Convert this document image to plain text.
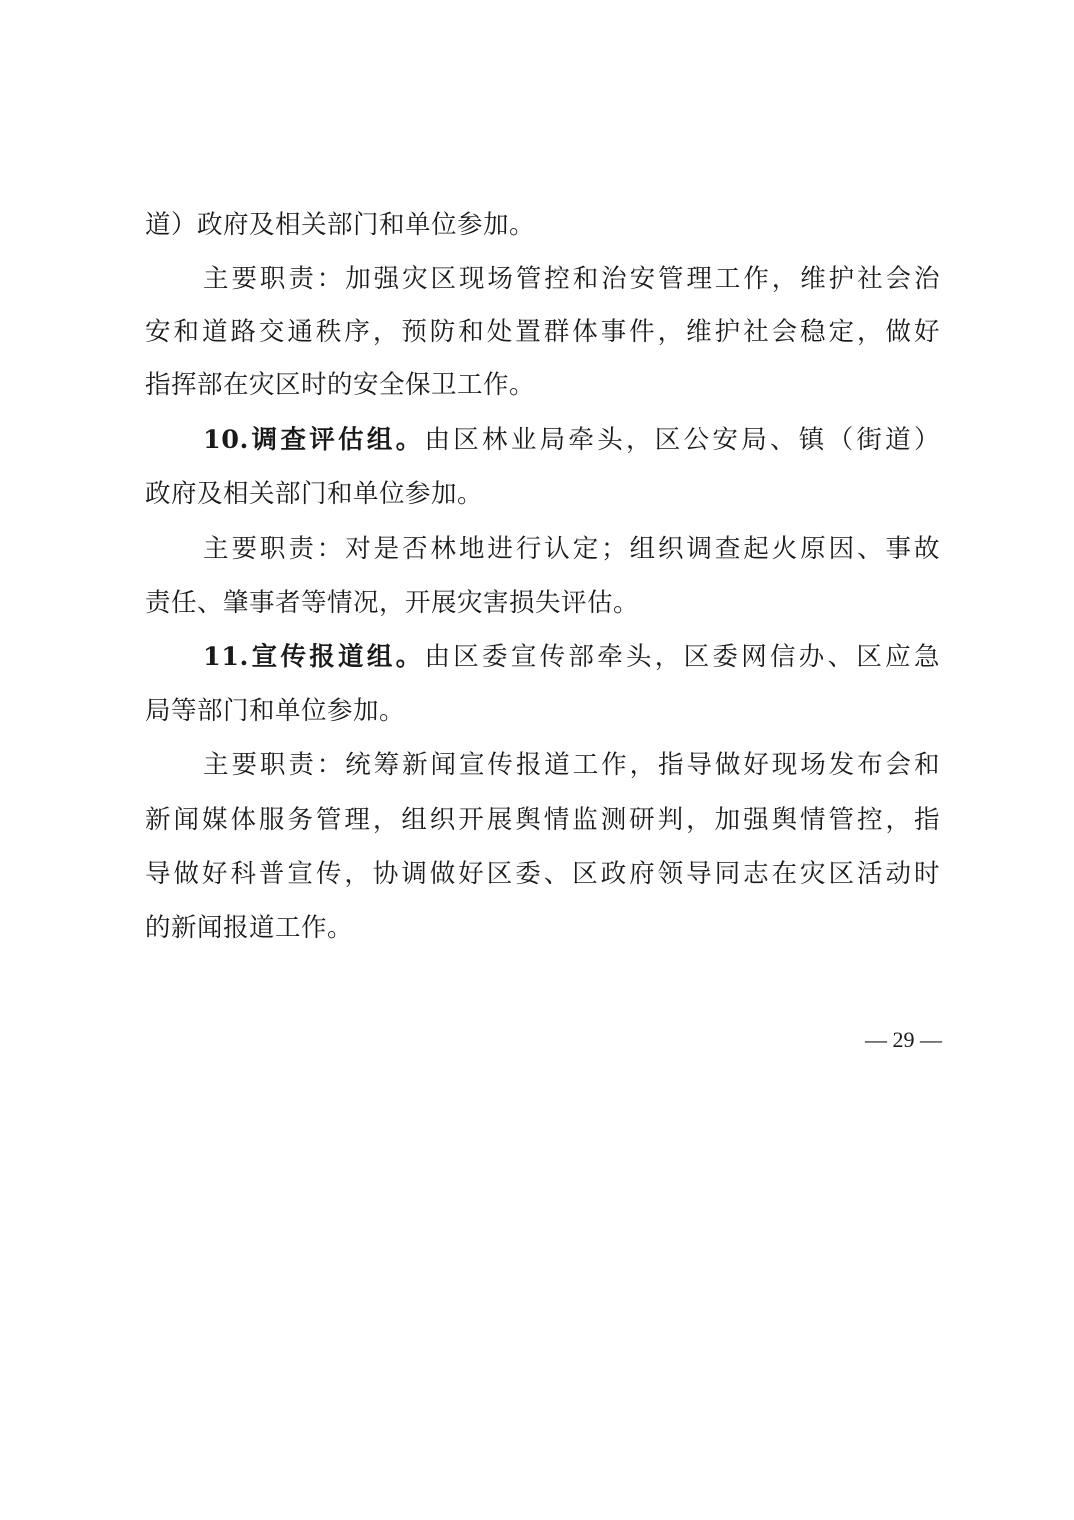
道）政府及相关部门和单位参加。
主要职责：加强灾区现场管控和治安管理工作，维护社会治
安和道路交通秩序，预防和处置群体事件，维护社会稳定，做好
指挥部在灾区时的安全保卫工作。
10.调查评估组。由区林业局牵头，区公安局、镇（街道）
政府及相关部门和单位参加。
主要职责：对是否林地进行认定；组织调查起火原因、事故
责任、肇事者等情况，开展灾害损失评估。
11.宣传报道组。由区委宣传部牵头，区委网信办、区应急
局等部门和单位参加。
主要职责：统筹新闻宣传报道工作，指导做好现场发布会和
新闻媒体服务管理，组织开展舆情监测研判，加强舆情管控，指
导做好科普宣传，协调做好区委、区政府领导同志在灾区活动时
的新闻报道工作。
— 29 —
